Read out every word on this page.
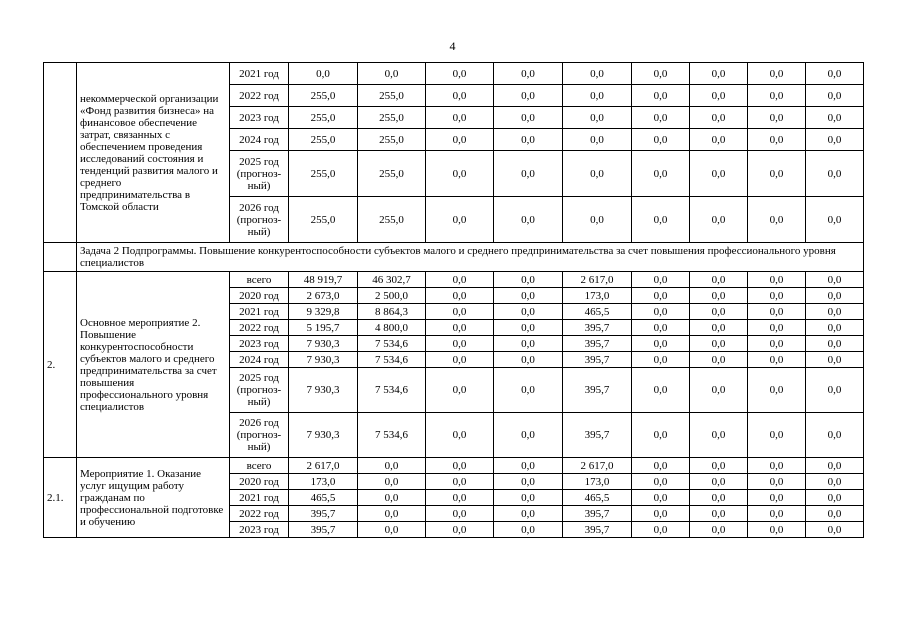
4
	некоммерческой организации «Фонд развития бизнеса» на финансовое обеспечение затрат, связанных с обеспечением проведения исследований состояния и тенденций развития малого и среднего предпринимательства в Томской области	2021 год	0,0	0,0	0,0	0,0	0,0	0,0	0,0	0,0	0,0
		2022 год	255,0	255,0	0,0	0,0	0,0	0,0	0,0	0,0	0,0
		2023 год	255,0	255,0	0,0	0,0	0,0	0,0	0,0	0,0	0,0
		2024 год	255,0	255,0	0,0	0,0	0,0	0,0	0,0	0,0	0,0
		2025 год (прогноз-ный)	255,0	255,0	0,0	0,0	0,0	0,0	0,0	0,0	0,0
		2026 год (прогноз-ный)	255,0	255,0	0,0	0,0	0,0	0,0	0,0	0,0	0,0
	Задача 2 Подпрограммы. Повышение конкурентоспособности субъектов малого и среднего предпринимательства за счет повышения профессионального уровня специалистов										
2.	Основное мероприятие 2. Повышение конкурентоспособности субъектов малого и среднего предпринимательства за счет повышения профессионального уровня специалистов	всего	48 919,7	46 302,7	0,0	0,0	2 617,0	0,0	0,0	0,0	0,0
		2020 год	2 673,0	2 500,0	0,0	0,0	173,0	0,0	0,0	0,0	0,0
		2021 год	9 329,8	8 864,3	0,0	0,0	465,5	0,0	0,0	0,0	0,0
		2022 год	5 195,7	4 800,0	0,0	0,0	395,7	0,0	0,0	0,0	0,0
		2023 год	7 930,3	7 534,6	0,0	0,0	395,7	0,0	0,0	0,0	0,0
		2024 год	7 930,3	7 534,6	0,0	0,0	395,7	0,0	0,0	0,0	0,0
		2025 год (прогноз-ный)	7 930,3	7 534,6	0,0	0,0	395,7	0,0	0,0	0,0	0,0
		2026 год (прогноз-ный)	7 930,3	7 534,6	0,0	0,0	395,7	0,0	0,0	0,0	0,0
2.1.	Мероприятие 1. Оказание услуг ищущим работу гражданам по профессиональной подготовке и обучению	всего	2 617,0	0,0	0,0	0,0	2 617,0	0,0	0,0	0,0	0,0
		2020 год	173,0	0,0	0,0	0,0	173,0	0,0	0,0	0,0	0,0
		2021 год	465,5	0,0	0,0	0,0	465,5	0,0	0,0	0,0	0,0
		2022 год	395,7	0,0	0,0	0,0	395,7	0,0	0,0	0,0	0,0
		2023 год	395,7	0,0	0,0	0,0	395,7	0,0	0,0	0,0	0,0
